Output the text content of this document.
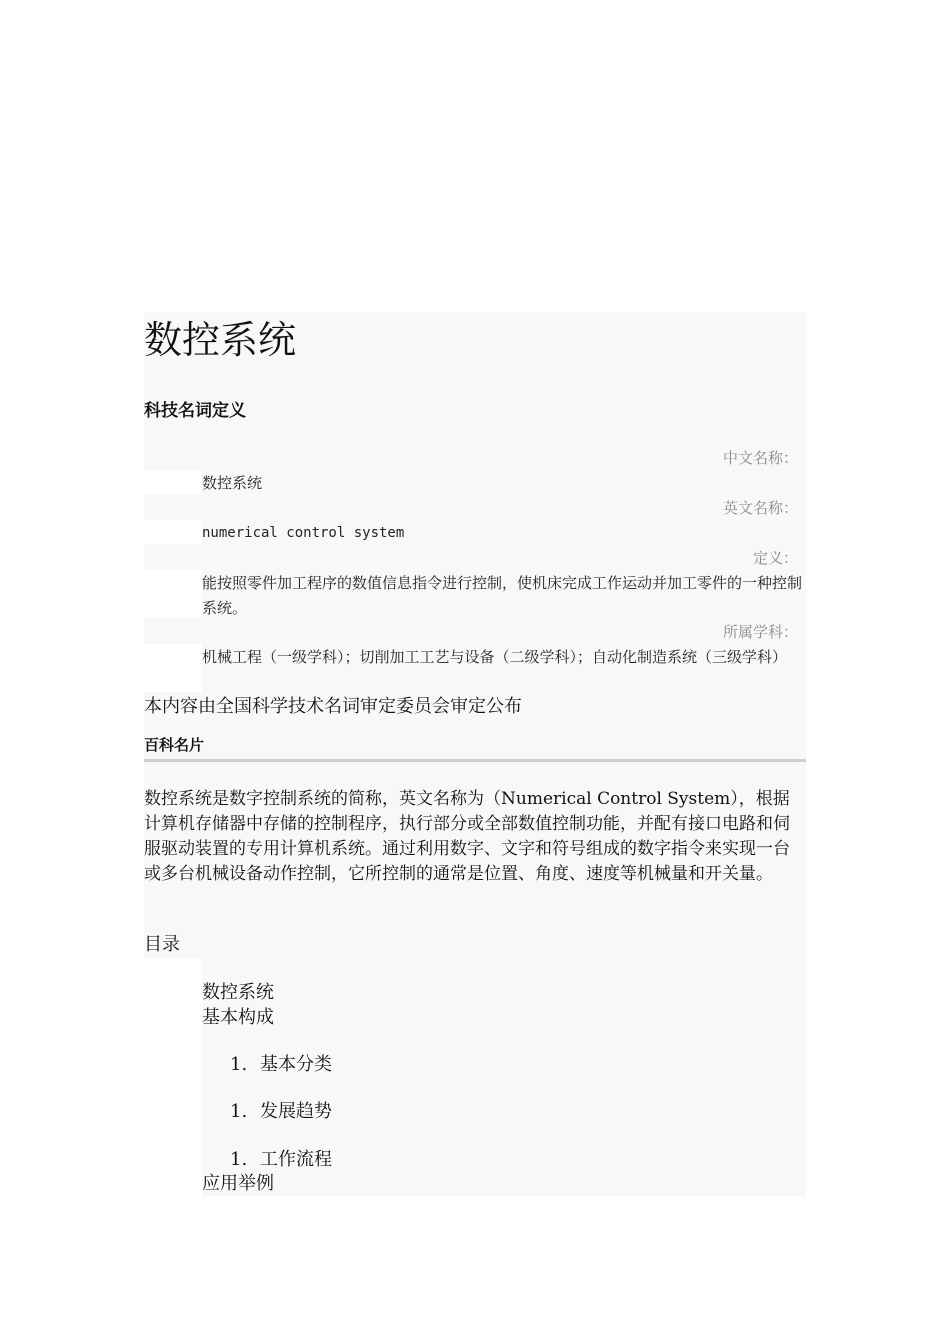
数控系统
科技名词定义
中文名称：
数控系统
英文名称：
numerical control system
定义：
能按照零件加工程序的数值信息指令进行控制，使机床完成工作运动并加工零件的一种控制系统。
所属学科：
机械工程（一级学科）；切削加工工艺与设备（二级学科）；自动化制造系统（三级学科）
本内容由全国科学技术名词审定委员会审定公布
百科名片
数控系统是数字控制系统的简称，英文名称为（Numerical Control System），根据计算机存储器中存储的控制程序，执行部分或全部数值控制功能，并配有接口电路和伺服驱动装置的专用计算机系统。通过利用数字、文字和符号组成的数字指令来实现一台或多台机械设备动作控制，它所控制的通常是位置、角度、速度等机械量和开关量。
目录
数控系统
基本构成
1. 基本分类
1. 发展趋势
1. 工作流程
应用举例
